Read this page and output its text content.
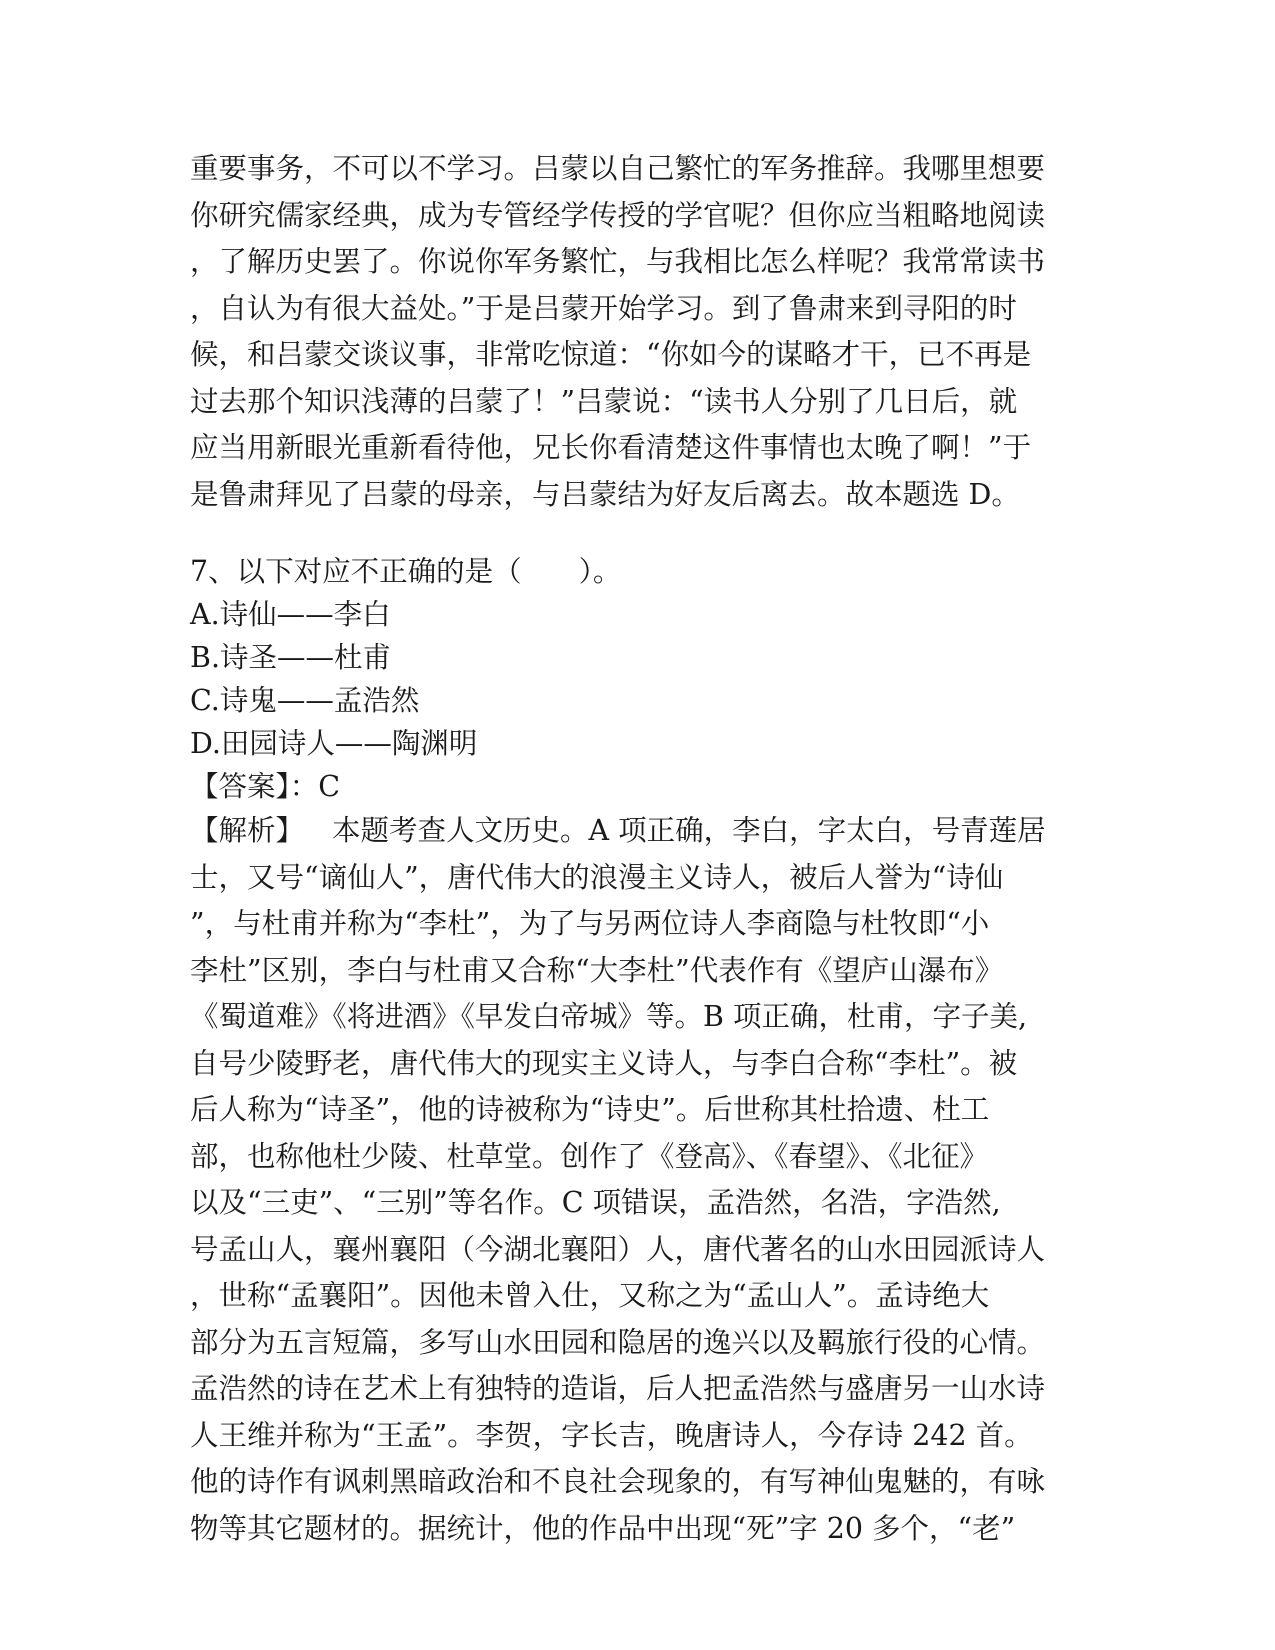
重要事务，不可以不学习。吕蒙以自己繁忙的军务推辞。我哪里想要
你研究儒家经典，成为专管经学传授的学官呢？但你应当粗略地阅读
，了解历史罢了。你说你军务繁忙，与我相比怎么样呢？我常常读书
，自认为有很大益处。”于是吕蒙开始学习。到了鲁肃来到寻阳的时
候，和吕蒙交谈议事，非常吃惊道：“你如今的谋略才干，已不再是
过去那个知识浅薄的吕蒙了！”吕蒙说：“读书人分别了几日后，就
应当用新眼光重新看待他，兄长你看清楚这件事情也太晚了啊！”于
是鲁肃拜见了吕蒙的母亲，与吕蒙结为好友后离去。故本题选 D。
7、以下对应不正确的是（　　）。
A.诗仙——李白
B.诗圣——杜甫
C.诗鬼——孟浩然
D.田园诗人——陶渊明
【答案】：C
【解析】 本题考查人文历史。A 项正确，李白，字太白，号青莲居
士，又号“谪仙人”，唐代伟大的浪漫主义诗人，被后人誉为“诗仙
”，与杜甫并称为“李杜”，为了与另两位诗人李商隐与杜牧即“小
李杜”区别，李白与杜甫又合称“大李杜”代表作有《望庐山瀑布》
《蜀道难》《将进酒》《早发白帝城》等。B 项正确，杜甫，字子美,
自号少陵野老，唐代伟大的现实主义诗人，与李白合称“李杜”。被
后人称为“诗圣”，他的诗被称为“诗史”。后世称其杜拾遗、杜工
部，也称他杜少陵、杜草堂。创作了《登高》、《春望》、《北征》
以及“三吏”、“三别”等名作。C 项错误，孟浩然，名浩，字浩然,
号孟山人，襄州襄阳（今湖北襄阳）人，唐代著名的山水田园派诗人
，世称“孟襄阳”。因他未曾入仕，又称之为“孟山人”。孟诗绝大
部分为五言短篇，多写山水田园和隐居的逸兴以及羁旅行役的心情。
孟浩然的诗在艺术上有独特的造诣，后人把孟浩然与盛唐另一山水诗
人王维并称为“王孟”。李贺，字长吉，晚唐诗人，今存诗 242 首。
他的诗作有讽刺黑暗政治和不良社会现象的，有写神仙鬼魅的，有咏
物等其它题材的。据统计，他的作品中出现“死”字 20 多个，“老”
